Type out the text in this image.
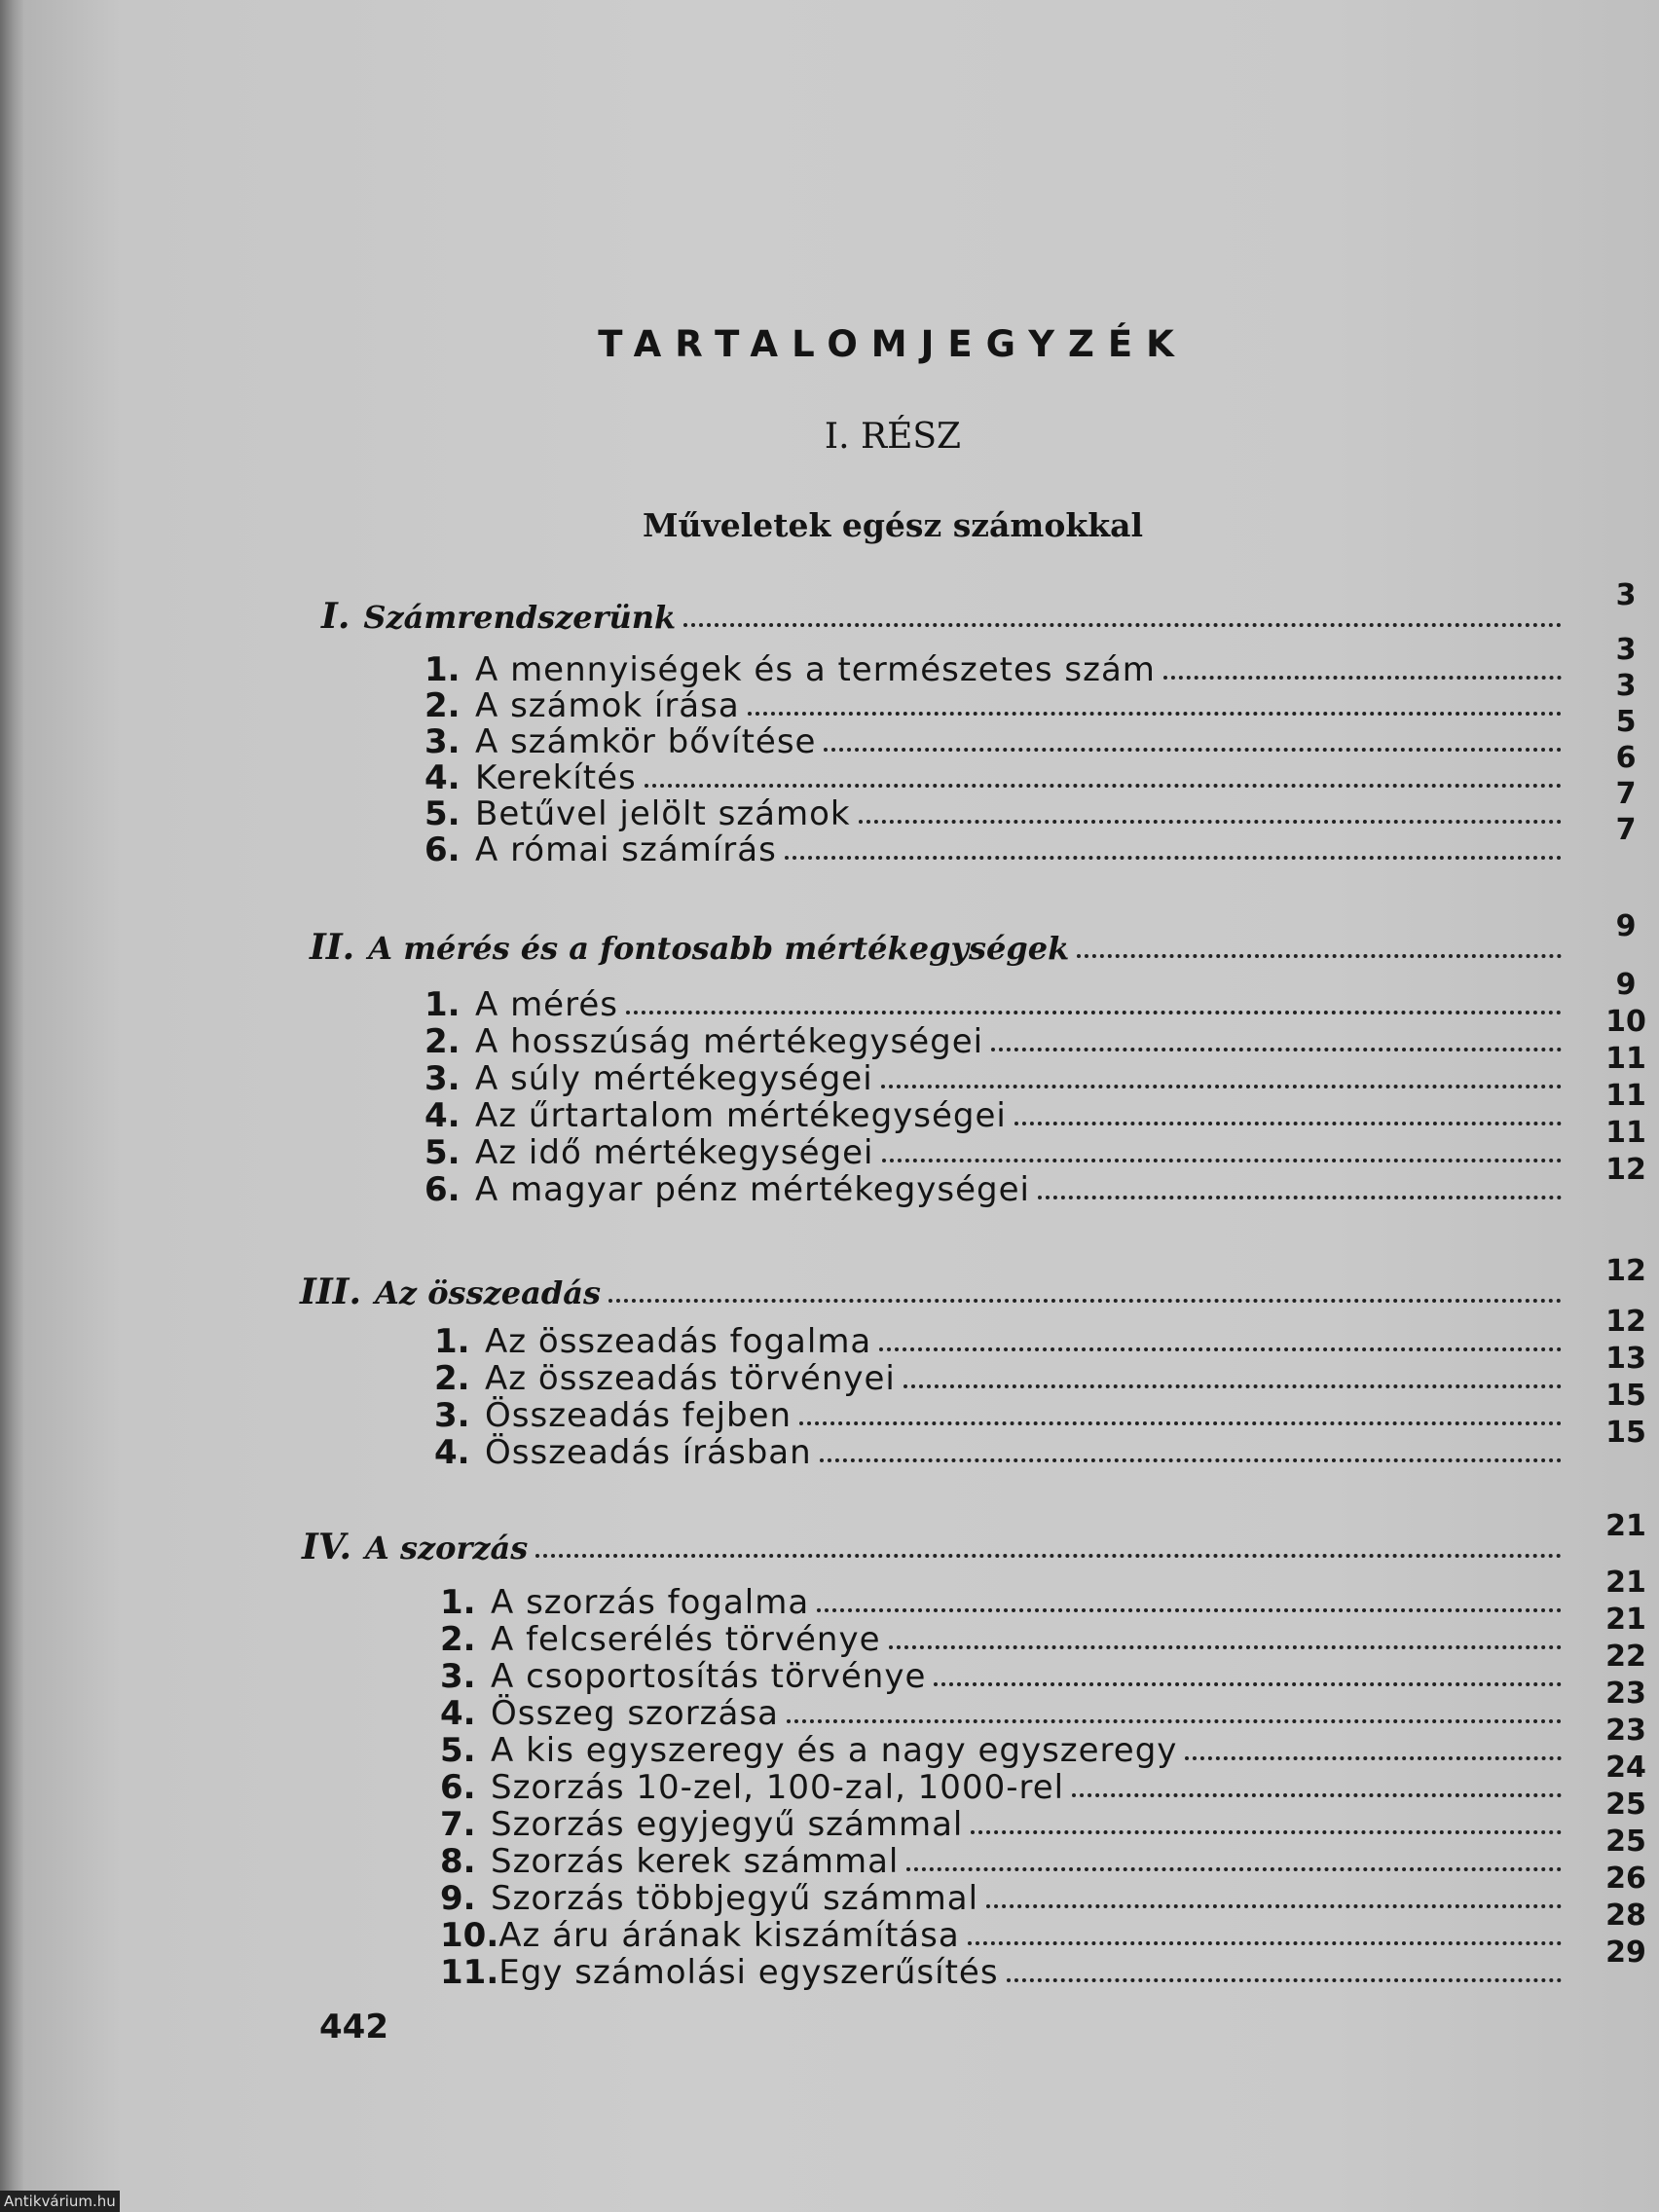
TARTALOMJEGYZÉK
I. RÉSZ
Műveletek egész számokkal
I. Számrendszerünk
3
1. A mennyiségek és a természetes szám
3
2. A számok írása
3
3. A számkör bővítése
5
4. Kerekítés
6
5. Betűvel jelölt számok
7
6. A római számírás
7
II. A mérés és a fontosabb mértékegységek
9
1. A mérés
9
2. A hosszúság mértékegységei
10
3. A súly mértékegységei
11
4. Az űrtartalom mértékegységei
11
5. Az idő mértékegységei
11
6. A magyar pénz mértékegységei
12
III. Az összeadás
12
1. Az összeadás fogalma
12
2. Az összeadás törvényei
13
3. Összeadás fejben
15
4. Összeadás írásban
15
IV. A szorzás
21
1. A szorzás fogalma
21
2. A felcserélés törvénye
21
3. A csoportosítás törvénye
22
4. Összeg szorzása
23
5. A kis egyszeregy és a nagy egyszeregy
23
6. Szorzás 10-zel, 100-zal, 1000-rel
24
7. Szorzás egyjegyű számmal
25
8. Szorzás kerek számmal
25
9. Szorzás többjegyű számmal
26
10. Az áru árának kiszámítása
28
11. Egy számolási egyszerűsítés
29
442
Antikvárium.hu
